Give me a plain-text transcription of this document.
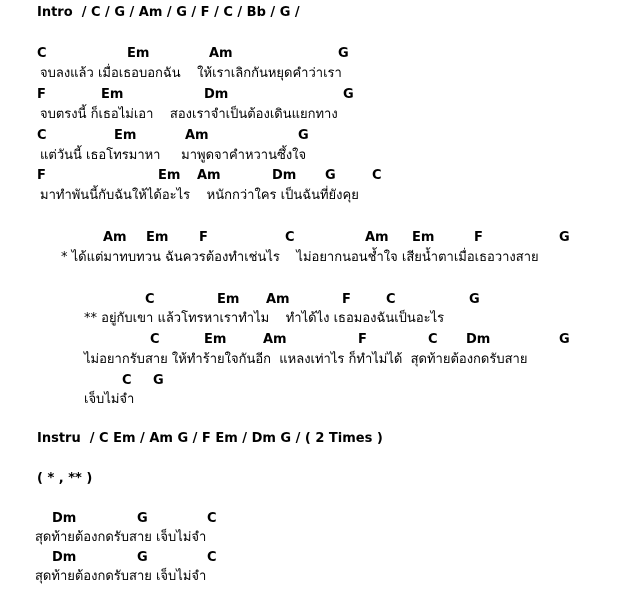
Intro  / C / G / Am / G / F / C / Bb / G /
C	Em	Am	G
จบลงแล้ว เมื่อเธอบอกฉัน    ให้เราเลิกกันหยุดคำว่าเรา
F	Em	Dm	G
จบตรงนี้ ก็เธอไม่เอา    สองเราจำเป็นต้องเดินแยกทาง
C	Em	Am	G
แต่วันนี้ เธอโทรมาหา     มาพูดจาคำหวานซึ้งใจ
F	Em Am	Dm G	C
มาทำพันนี้กับฉันให้ได้อะไร    หนักกว่าใคร เป็นฉันที่ยังคุย
Am Em F	C	Am Em	F	G
* ได้แต่มาทบทวน ฉันควรต้องทำเช่นไร    ไม่อยากนอนช้ำใจ เสียน้ำตาเมื่อเธอวางสาย
C	Em Am	F	C	G
** อยู่กับเขา แล้วโทรหาเราทำไม    ทำได้ไง เธอมองฉันเป็นอะไร
C	Em	Am	F	C Dm	G
ไม่อยากรับสาย ให้ทำร้ายใจกันอีก  แหลงเท่าไร ก็ทำไม่ได้  สุดท้ายต้องกดรับสาย
C G
เจ็บไม่จำ
Instru  / C Em / Am G / F Em / Dm G / ( 2 Times )
( * , ** )
Dm	G	C
สุดท้ายต้องกดรับสาย เจ็บไม่จำ
Dm	G	C
สุดท้ายต้องกดรับสาย เจ็บไม่จำ
